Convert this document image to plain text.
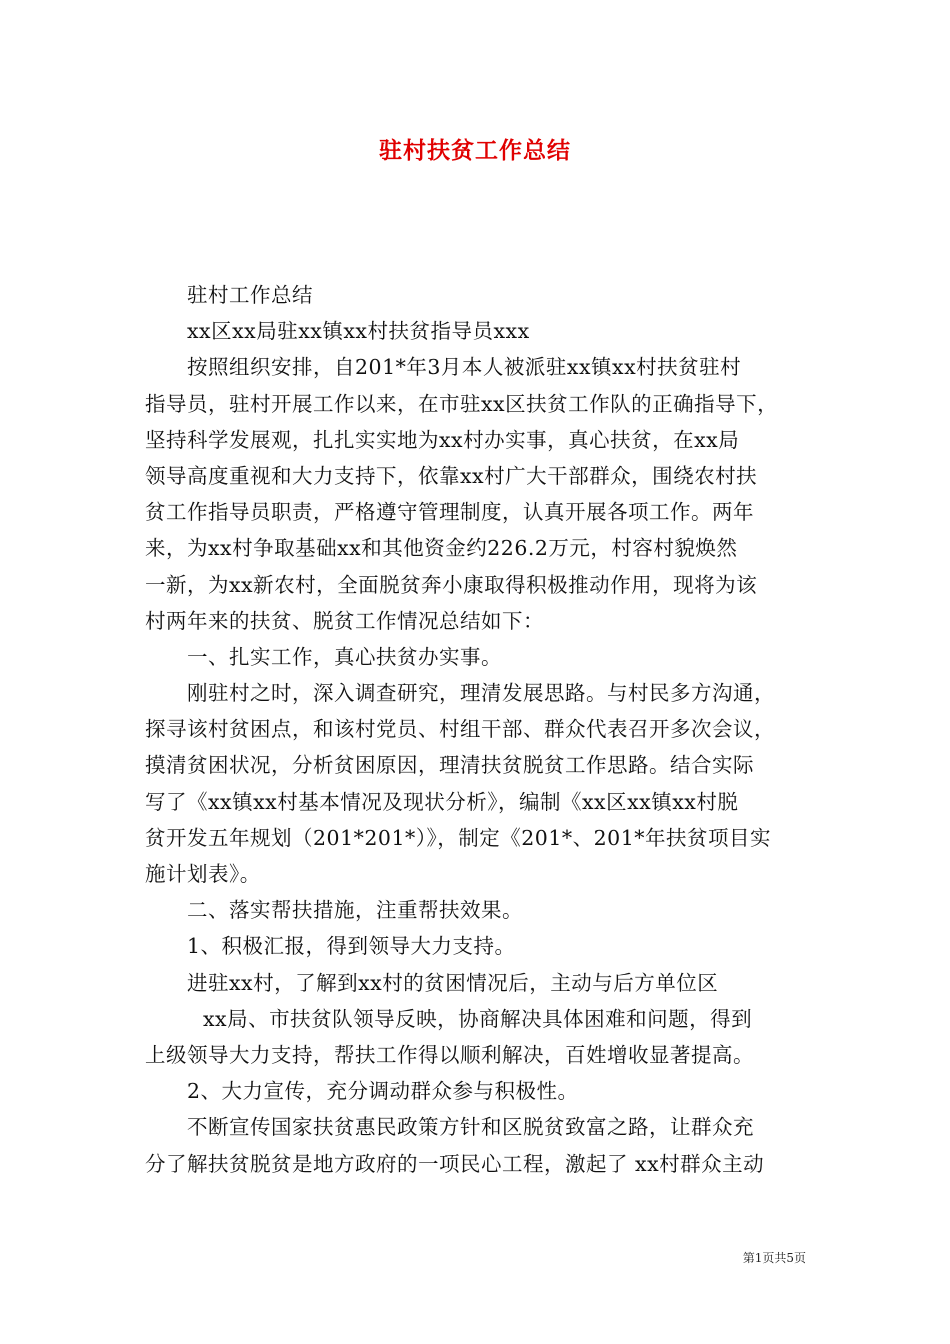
驻村扶贫工作总结
驻村工作总结
xx区xx局驻xx镇xx村扶贫指导员xxx
按照组织安排，自201*年3月本人被派驻xx镇xx村扶贫驻村
指导员，驻村开展工作以来，在市驻xx区扶贫工作队的正确指导下，
坚持科学发展观，扎扎实实地为xx村办实事，真心扶贫，在xx局
领导高度重视和大力支持下，依靠xx村广大干部群众，围绕农村扶
贫工作指导员职责，严格遵守管理制度，认真开展各项工作。两年
来，为xx村争取基础xx和其他资金约226.2万元，村容村貌焕然
一新，为xx新农村，全面脱贫奔小康取得积极推动作用，现将为该
村两年来的扶贫、脱贫工作情况总结如下：
一、扎实工作，真心扶贫办实事。
刚驻村之时，深入调查研究，理清发展思路。与村民多方沟通，
探寻该村贫困点，和该村党员、村组干部、群众代表召开多次会议，
摸清贫困状况，分析贫困原因，理清扶贫脱贫工作思路。结合实际
写了《xx镇xx村基本情况及现状分析》，编制《xx区xx镇xx村脱
贫开发五年规划（201*201*）》，制定《201*、201*年扶贫项目实
施计划表》。
二、落实帮扶措施，注重帮扶效果。
1、积极汇报，得到领导大力支持。
进驻xx村，了解到xx村的贫困情况后，主动与后方单位区
xx局、市扶贫队领导反映，协商解决具体困难和问题，得到
上级领导大力支持，帮扶工作得以顺利解决，百姓增收显著提高。
2、大力宣传，充分调动群众参与积极性。
不断宣传国家扶贫惠民政策方针和区脱贫致富之路，让群众充
分了解扶贫脱贫是地方政府的一项民心工程，激起了 xx村群众主动
第1页共5页
